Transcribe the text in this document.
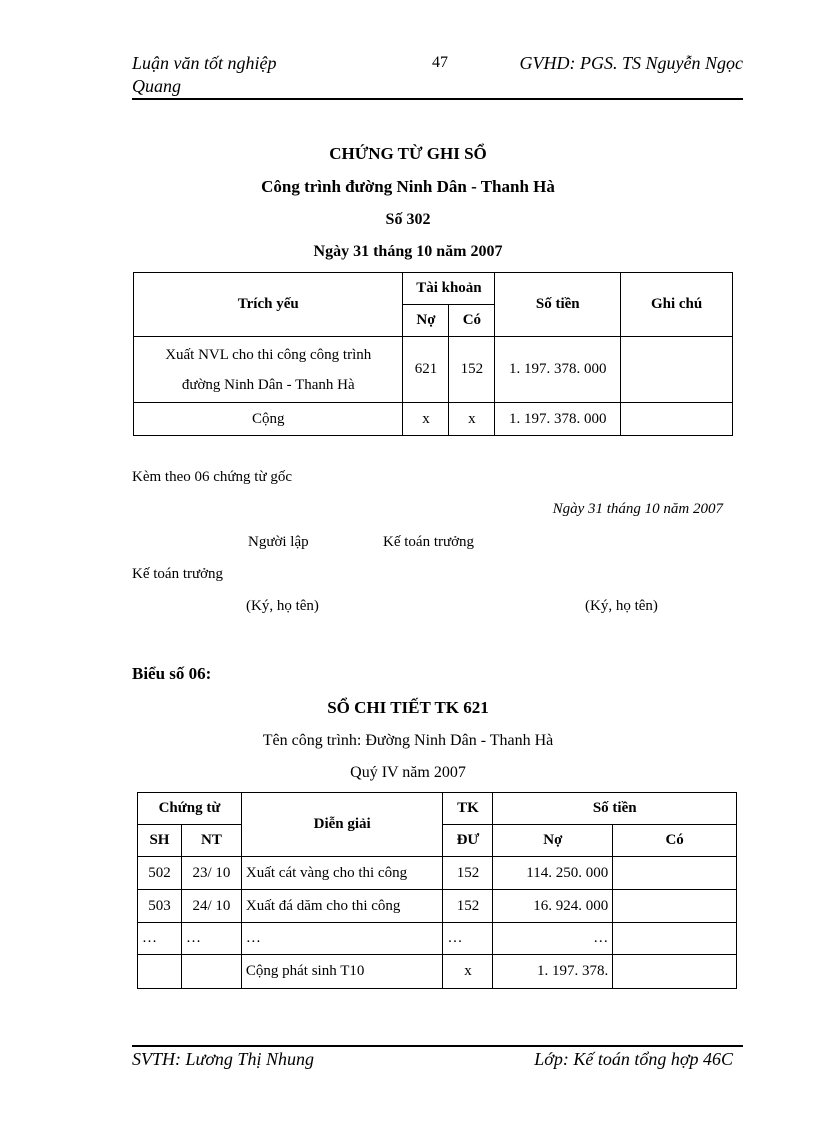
Luận văn tốt nghiệp
Quang
47	GVHD: PGS. TS Nguyễn Ngọc
CHỨNG TỪ GHI SỔ
Công trình đường Ninh Dân - Thanh Hà
Số 302
Ngày 31 tháng 10 năm 2007
Trích yếu	Tài khoản		Số tiền	Ghi chú
	Nợ	Có		

Xuất NVL cho thi công công trình
đường Ninh Dân - Thanh Hà	621	152	1. 197. 378. 000	
Cộng	x	x	1. 197. 378. 000	
Kèm theo 06 chứng từ gốc
Ngày 31 tháng 10 năm 2007
Người lập	Kế toán trưởng
Kế toán trưởng
(Ký, họ tên)	(Ký, họ tên)
Biểu số 06:
SỔ CHI TIẾT TK 621
Tên công trình: Đường Ninh Dân - Thanh Hà
Quý IV năm 2007
Chứng từ		Diễn giải	TK	Số tiền	
SH	NT		ĐƯ	Nợ	Có
502	23/ 10	Xuất cát vàng cho thi công	152	114. 250. 000	
503	24/ 10	Xuất đá dăm cho thi công	152	16. 924. 000	
…	…	…	…	…	
		Cộng phát sinh T10	x	1. 197. 378.	
SVTH: Lương Thị Nhung	Lớp: Kế toán tổng hợp 46C
